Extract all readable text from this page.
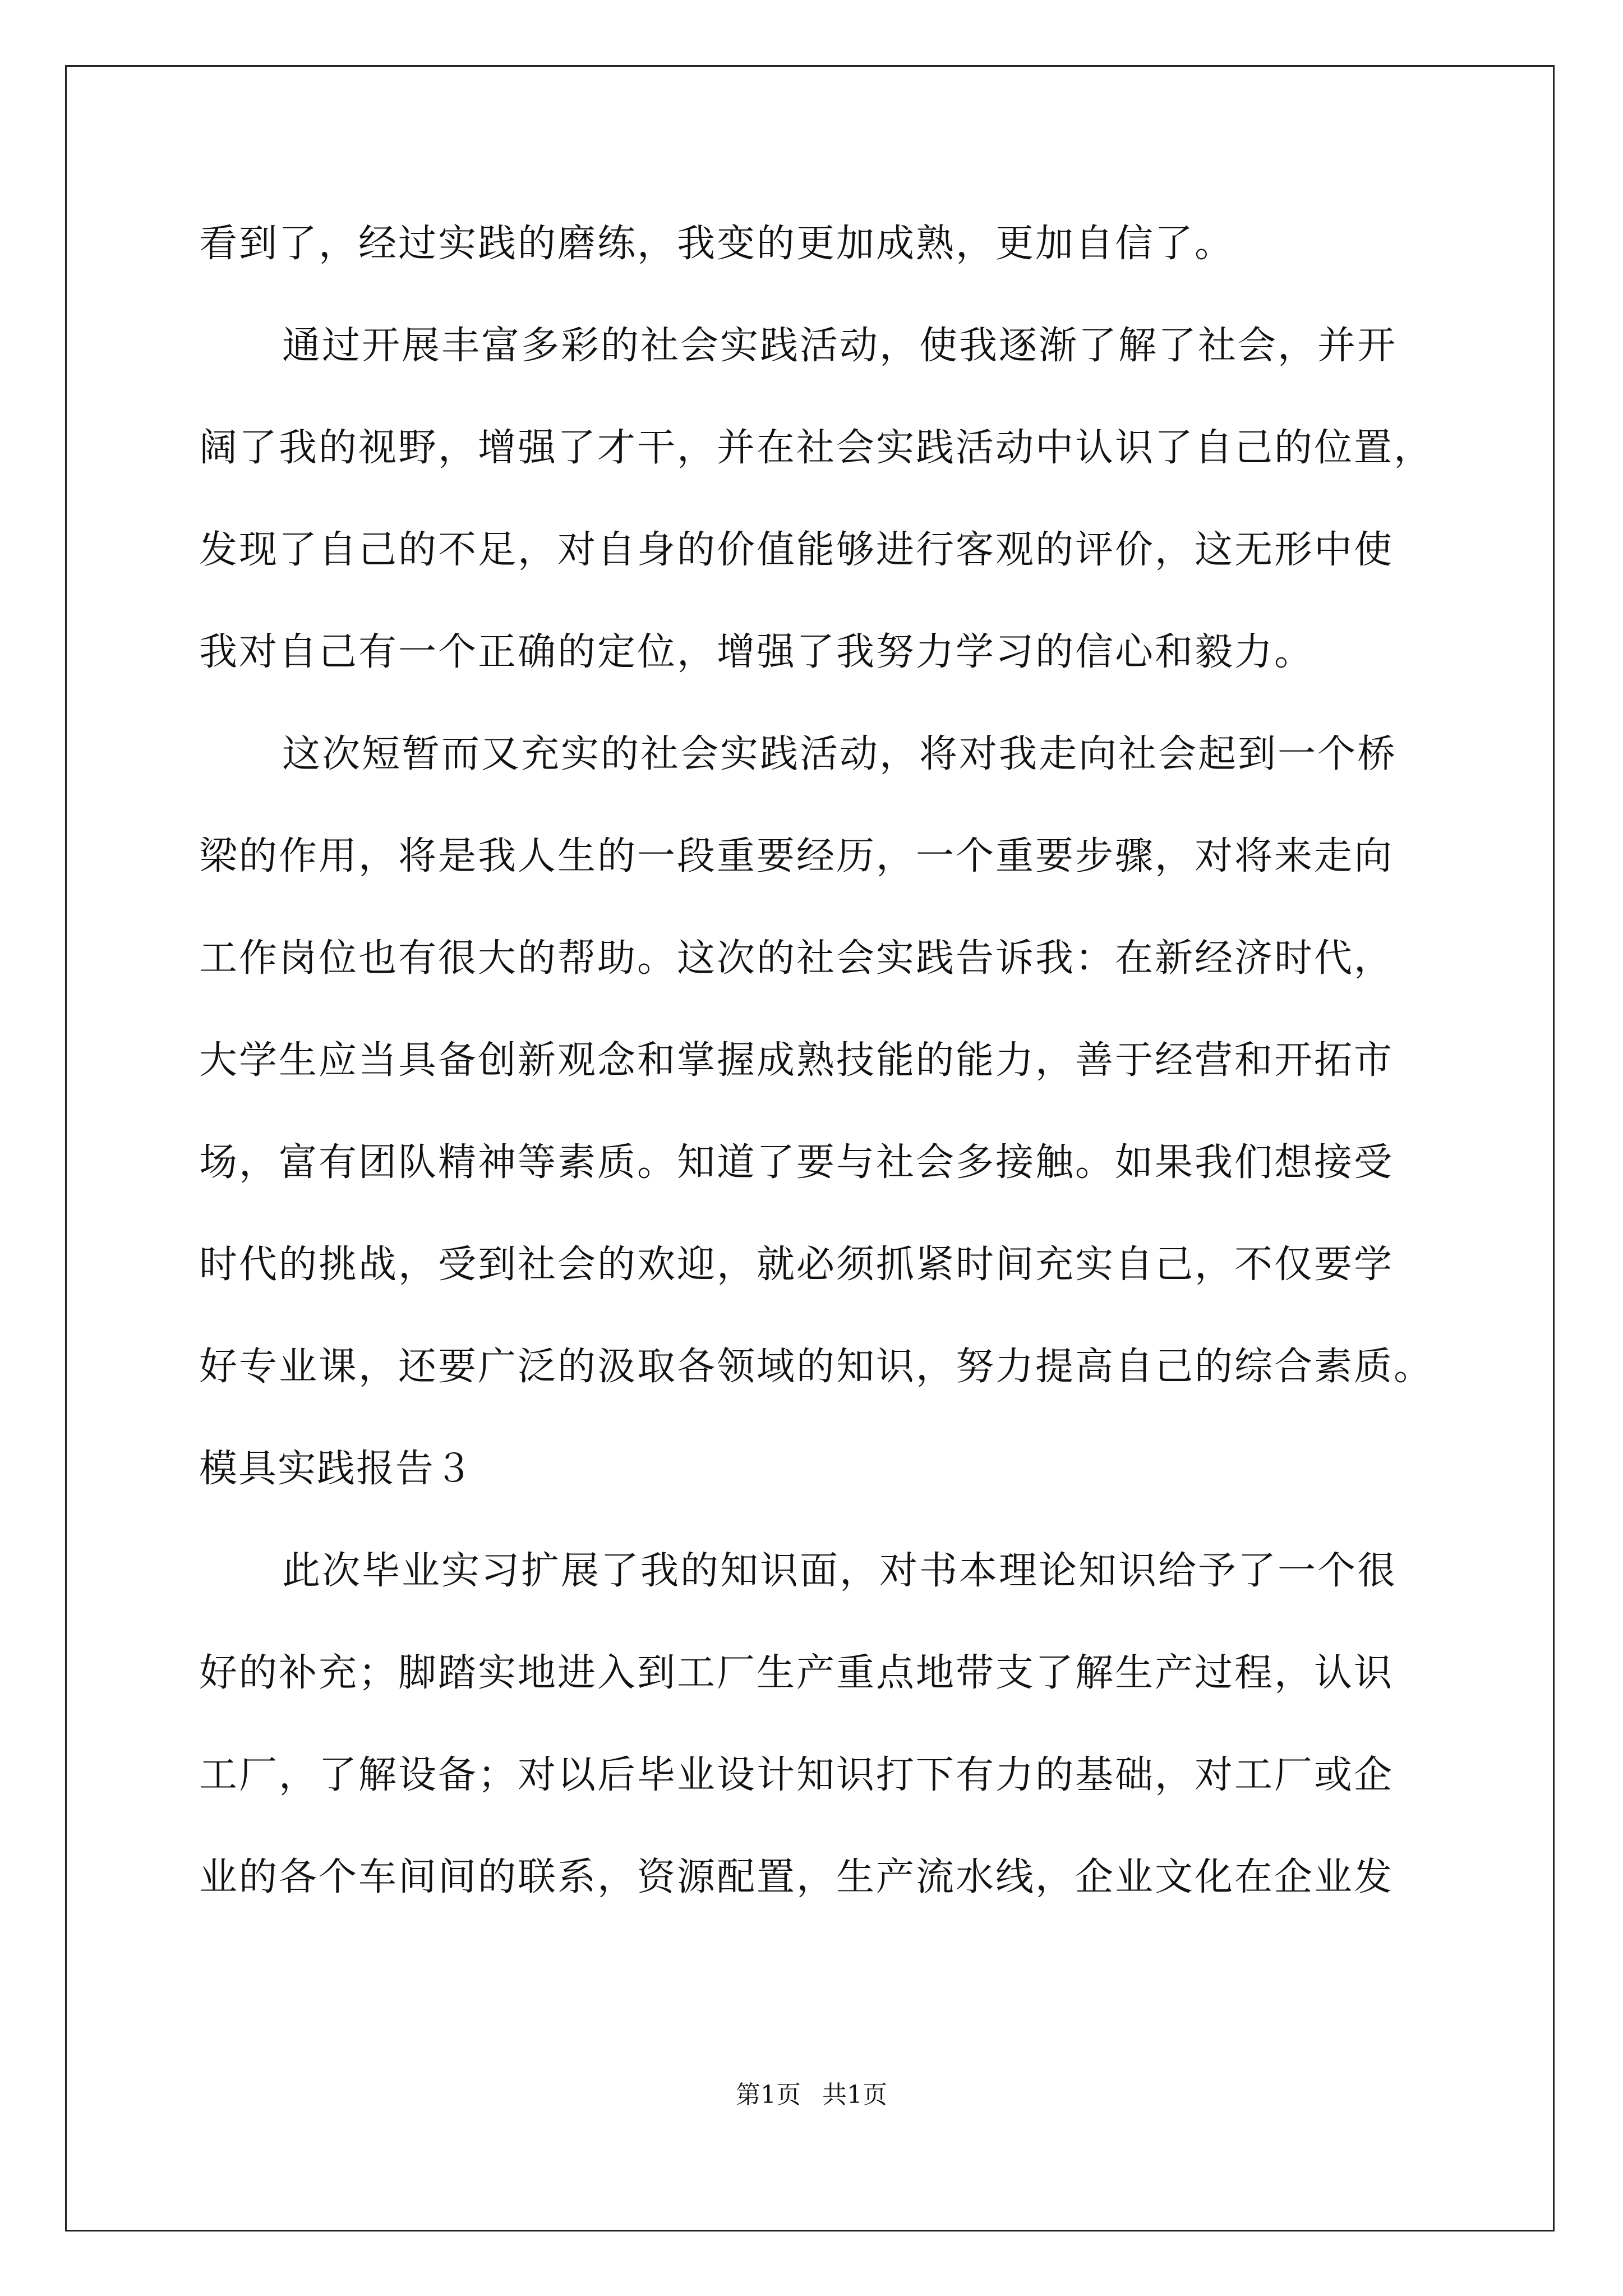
看到了，经过实践的磨练，我变的更加成熟，更加自信了。
通过开展丰富多彩的社会实践活动，使我逐渐了解了社会，并开
阔了我的视野，增强了才干，并在社会实践活动中认识了自己的位置，
发现了自己的不足，对自身的价值能够进行客观的评价，这无形中使
我对自己有一个正确的定位，增强了我努力学习的信心和毅力。
这次短暂而又充实的社会实践活动，将对我走向社会起到一个桥
梁的作用，将是我人生的一段重要经历，一个重要步骤，对将来走向
工作岗位也有很大的帮助。这次的社会实践告诉我：在新经济时代，
大学生应当具备创新观念和掌握成熟技能的能力，善于经营和开拓市
场，富有团队精神等素质。知道了要与社会多接触。如果我们想接受
时代的挑战，受到社会的欢迎，就必须抓紧时间充实自己，不仅要学
好专业课，还要广泛的汲取各领域的知识，努力提高自己的综合素质。
模具实践报告３
此次毕业实习扩展了我的知识面，对书本理论知识给予了一个很
好的补充；脚踏实地进入到工厂生产重点地带支了解生产过程，认识
工厂，了解设备；对以后毕业设计知识打下有力的基础，对工厂或企
业的各个车间间的联系，资源配置，生产流水线，企业文化在企业发
第1页 共1页
